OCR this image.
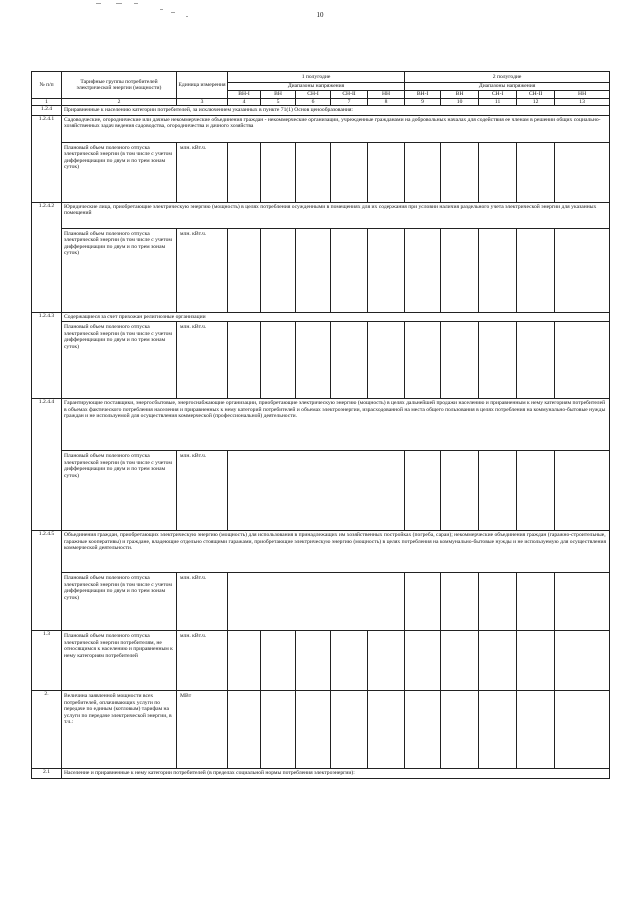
10
№ п/п	Тарифные группы потребителей электрической энергии (мощности)	Единица измерения	1 полугодие					2 полугодие				
			Диапазоны напряжения					Диапазоны напряжения				
			ВН-I	ВН	СН-I	СН-II	НН	ВН-I	ВН	СН-I	СН-II	НН
1	2	3	4	5	6	7	8	9	10	11	12	13
1.2.4	Приравненные к населению категории потребителей, за исключением указанных в пункте 71(1) Основ ценообразования:											
1.2.4.1	Садоводческие, огороднические или дачные некоммерческие объединения граждан - некоммерческие организации, учрежденные гражданами на добровольных началах для содействия ее членам в решении общих социально-хозяйственных задач ведения садоводства, огородничества и дачного хозяйства											
	Плановый объем полезного отпуска электрической энергии (в том числе с учетом дифференциации по двум и по трем зонам суток)	млн. кВт.ч.										
1.2.4.2	Юридические лица, приобретающие электрическую энергию (мощность) в целях потребления осужденными в помещениях для их содержания при условии наличия раздельного учета электрической энергии для указанных помещений											
	Плановый объем полезного отпуска электрической энергии (в том числе с учетом дифференциации по двум и по трем зонам суток)	млн. кВт.ч.										
1.2.4.3	Содержащиеся за счет прихожан религиозные организации											
	Плановый объем полезного отпуска электрической энергии (в том числе с учетом дифференциации по двум и по трем зонам суток)	млн. кВт.ч.										
1.2.4.4	Гарантирующие поставщики, энергосбытовые, энергоснабжающие организации, приобретающие электрическую энергию (мощность) в целях дальнейшей продажи населению и приравненным к нему категориям потребителей в объемах фактического потребления населения и приравненных к нему категорий потребителей и объемах электроэнергии, израсходованной на места общего пользования в целях потребления на коммунально-бытовые нужды граждан и не используемой для осуществления коммерческой (профессиональной) деятельности.											
	Плановый объем полезного отпуска электрической энергии (в том числе с учетом дифференциации по двум и по трем зонам суток)	млн. кВт.ч.										
1.2.4.5	Объединения граждан, приобретающих электрическую энергию (мощность) для использования в принадлежащих им хозяйственных постройках (погреба, сараи); некоммерческие объединения граждан (гаражно-строительные, гаражные кооперативы) и граждане, владеющие отдельно стоящими гаражами, приобретающие электрическую энергию (мощность) в целях потребления на коммунально-бытовые нужды и не используемую для осуществления коммерческой деятельности.											
	Плановый объем полезного отпуска электрической энергии (в том числе с учетом дифференциации по двум и по трем зонам суток)	млн. кВт.ч.										
1.3	Плановый объем полезного отпуска электрической энергии потребителям, не относящимся к населению и приравненным к нему категориям потребителей	млн. кВт.ч.										
2.	Величина заявленной мощности всех потребителей, оплачивающих услуги по передаче по единым (котловым) тарифам на услуги по передаче электрической энергии, в т.ч.:	МВт										
2.1	Население и приравненные к нему категории потребителей (в пределах социальной нормы потребления электроэнергии):											
